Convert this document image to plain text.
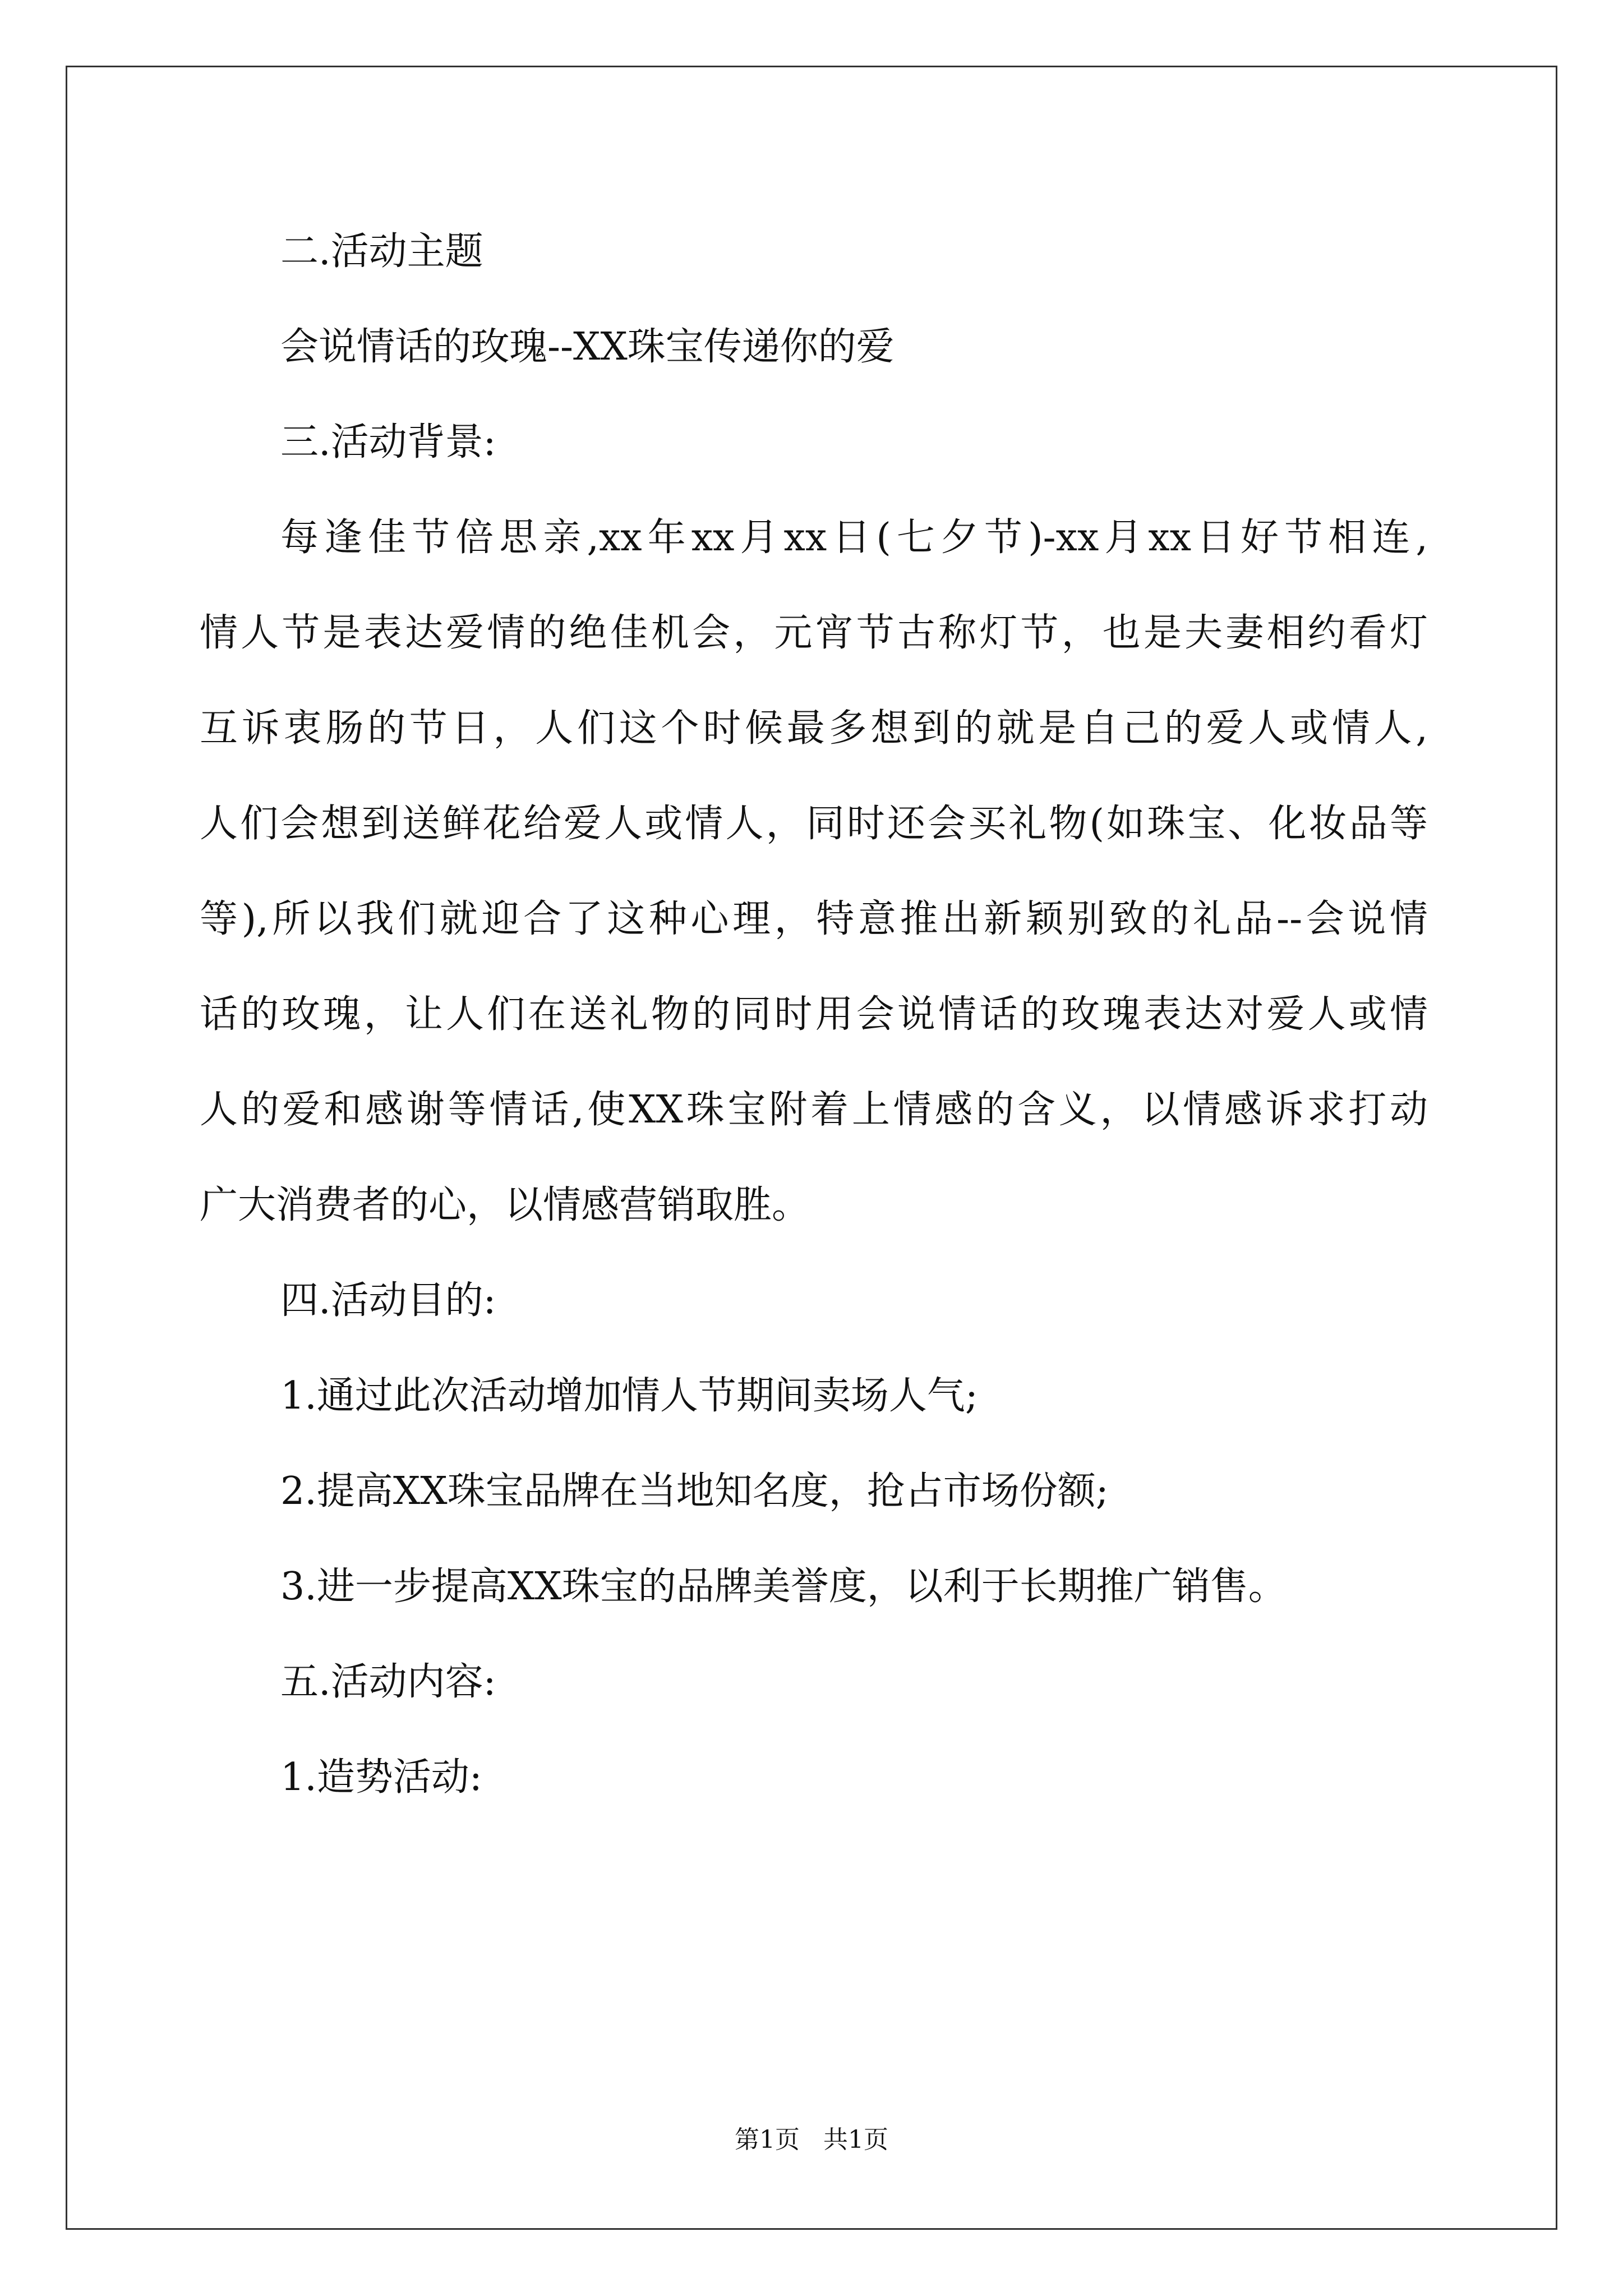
二.活动主题
会说情话的玫瑰--XX珠宝传递你的爱
三.活动背景:
每逢佳节倍思亲,xx年xx月xx日(七夕节)-xx月xx日好节相连,
情人节是表达爱情的绝佳机会，元宵节古称灯节，也是夫妻相约看灯
互诉衷肠的节日，人们这个时候最多想到的就是自己的爱人或情人,
人们会想到送鲜花给爱人或情人，同时还会买礼物(如珠宝、化妆品等
等),所以我们就迎合了这种心理，特意推出新颖别致的礼品--会说情
话的玫瑰，让人们在送礼物的同时用会说情话的玫瑰表达对爱人或情
人的爱和感谢等情话,使XX珠宝附着上情感的含义，以情感诉求打动
广大消费者的心，以情感营销取胜。
四.活动目的:
1.通过此次活动增加情人节期间卖场人气;
2.提高XX珠宝品牌在当地知名度，抢占市场份额;
3.进一步提高XX珠宝的品牌美誉度，以利于长期推广销售。
五.活动内容:
1.造势活动:
第1页   共1页
